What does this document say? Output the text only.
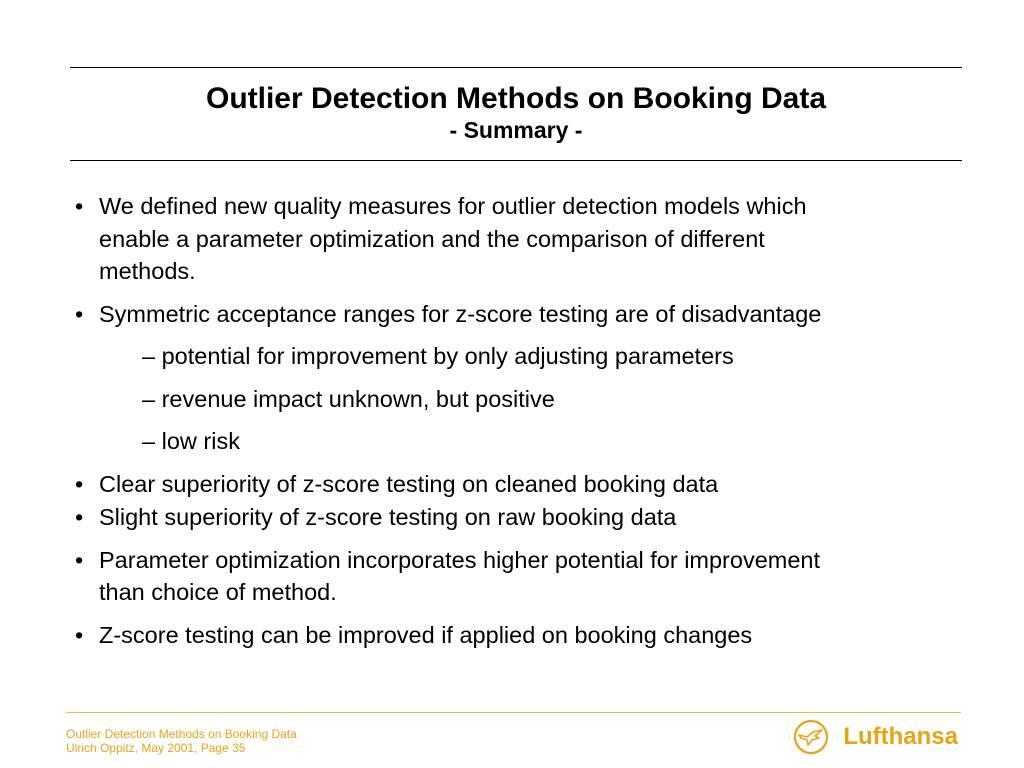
Outlier Detection Methods on Booking Data
- Summary -
• We defined new quality measures for outlier detection models which
enable a parameter optimization and the comparison of different
methods.
• Symmetric acceptance ranges for z-score testing are of disadvantage
– potential for improvement by only adjusting parameters
– revenue impact unknown, but positive
– low risk
• Clear superiority of z-score testing on cleaned booking data
• Slight superiority of z-score testing on raw booking data
• Parameter optimization incorporates higher potential for improvement
than choice of method.
• Z-score testing can be improved if applied on booking changes
Outlier Detection Methods on Booking Data
Ulrich Oppitz, May 2001, Page 35	Lufthansa
